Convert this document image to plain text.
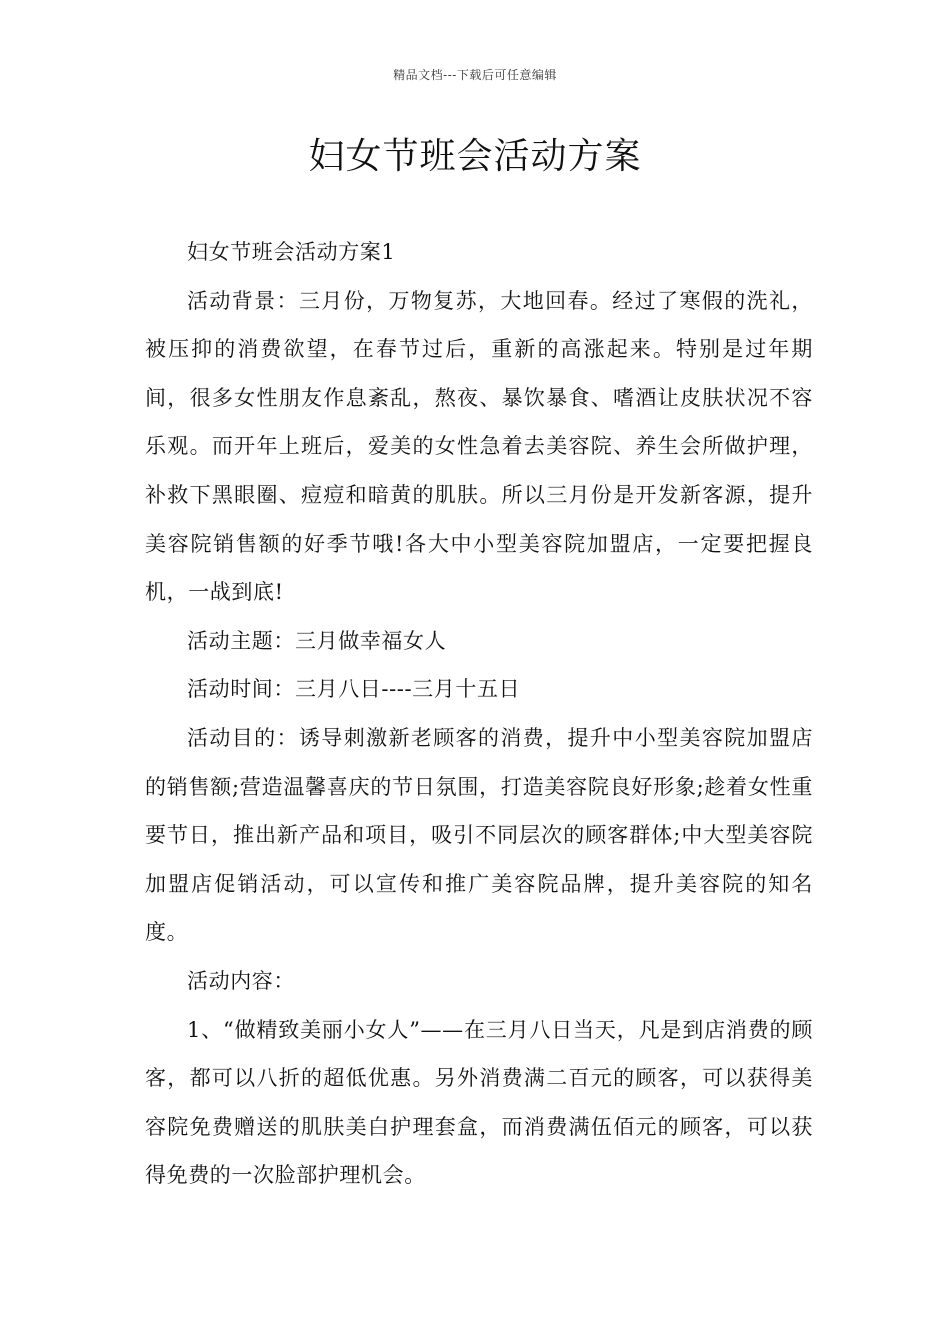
精品文档---下载后可任意编辑
妇女节班会活动方案

妇女节班会活动方案1

活动背景：三月份，万物复苏，大地回春。经过了寒假的洗礼，被压抑的消费欲望，在春节过后，重新的高涨起来。特别是过年期间，很多女性朋友作息紊乱，熬夜、暴饮暴食、嗜酒让皮肤状况不容乐观。而开年上班后，爱美的女性急着去美容院、养生会所做护理，补救下黑眼圈、痘痘和暗黄的肌肤。所以三月份是开发新客源，提升美容院销售额的好季节哦!各大中小型美容院加盟店，一定要把握良机，一战到底!

活动主题：三月做幸福女人

活动时间：三月八日----三月十五日

活动目的：诱导刺激新老顾客的消费，提升中小型美容院加盟店的销售额;营造温馨喜庆的节日氛围，打造美容院良好形象;趁着女性重要节日，推出新产品和项目，吸引不同层次的顾客群体;中大型美容院加盟店促销活动，可以宣传和推广美容院品牌，提升美容院的知名度。

活动内容：

1、“做精致美丽小女人”——在三月八日当天，凡是到店消费的顾客，都可以八折的超低优惠。另外消费满二百元的顾客，可以获得美容院免费赠送的肌肤美白护理套盒，而消费满伍佰元的顾客，可以获得免费的一次脸部护理机会。
